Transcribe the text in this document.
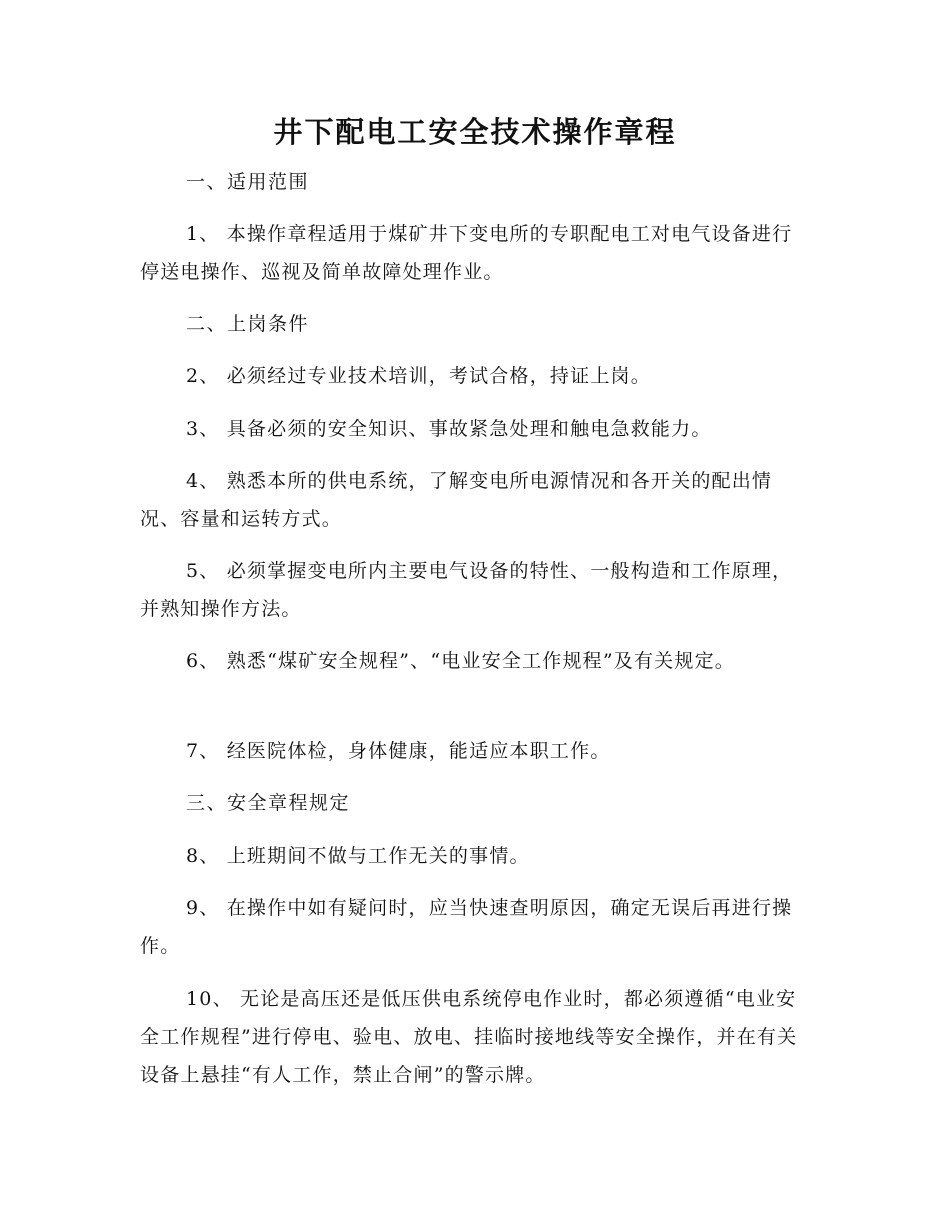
井下配电工安全技术操作章程
一、适用范围
1、 本操作章程适用于煤矿井下变电所的专职配电工对电气设备进行停送电操作、巡视及简单故障处理作业。
二、上岗条件
2、 必须经过专业技术培训，考试合格，持证上岗。
3、 具备必须的安全知识、事故紧急处理和触电急救能力。
4、 熟悉本所的供电系统，了解变电所电源情况和各开关的配出情况、容量和运转方式。
5、 必须掌握变电所内主要电气设备的特性、一般构造和工作原理，并熟知操作方法。
6、 熟悉“煤矿安全规程”、“电业安全工作规程”及有关规定。
7、 经医院体检，身体健康，能适应本职工作。
三、安全章程规定
8、 上班期间不做与工作无关的事情。
9、 在操作中如有疑问时，应当快速查明原因，确定无误后再进行操作。
10、 无论是高压还是低压供电系统停电作业时，都必须遵循“电业安全工作规程”进行停电、验电、放电、挂临时接地线等安全操作，并在有关设备上悬挂“有人工作，禁止合闸”的警示牌。
